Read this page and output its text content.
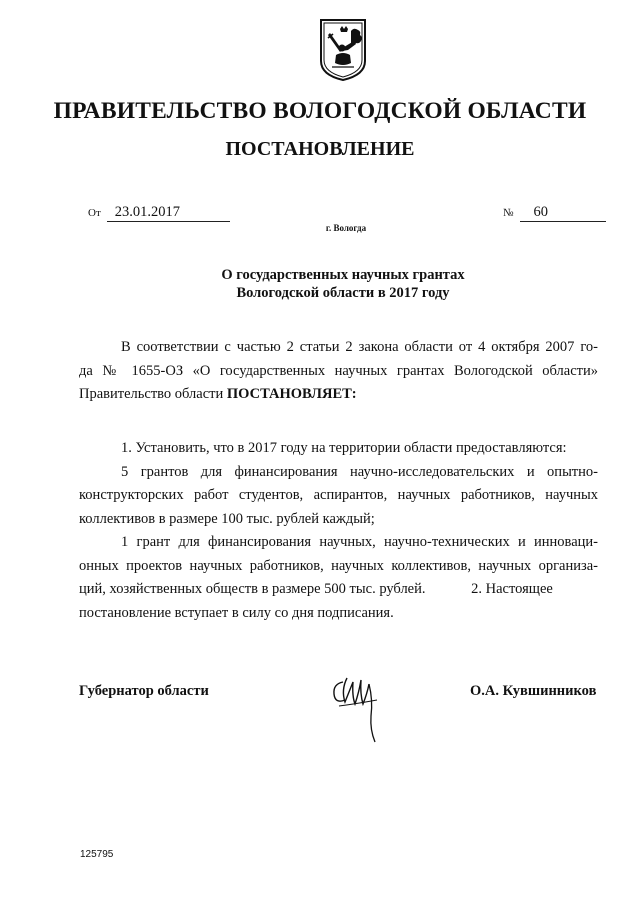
ПРАВИТЕЛЬСТВО ВОЛОГОДСКОЙ ОБЛАСТИ
ПОСТАНОВЛЕНИЕ
От 23.01.2017	№ 60
г. Вологда
О государственных научных грантах
Вологодской области в 2017 году
В соответствии с частью 2 статьи 2 закона области от 4 октября 2007 го-
да № 1655-ОЗ «О государственных научных грантах Вологодской области»
Правительство области ПОСТАНОВЛЯЕТ:
1. Установить, что в 2017 году на территории области предоставляются:
5 грантов для финансирования научно-исследовательских и опытно-
конструкторских работ студентов, аспирантов, научных работников, научных
коллективов в размере 100 тыс. рублей каждый;
1 грант для финансирования научных, научно-технических и инноваци-
онных проектов научных работников, научных коллективов, научных организа-
ций, хозяйственных обществ в размере 500 тыс. рублей.	2. Настоящее постановление вступает в силу со дня подписания.
Губернатор области	О.А. Кувшинников
125795
